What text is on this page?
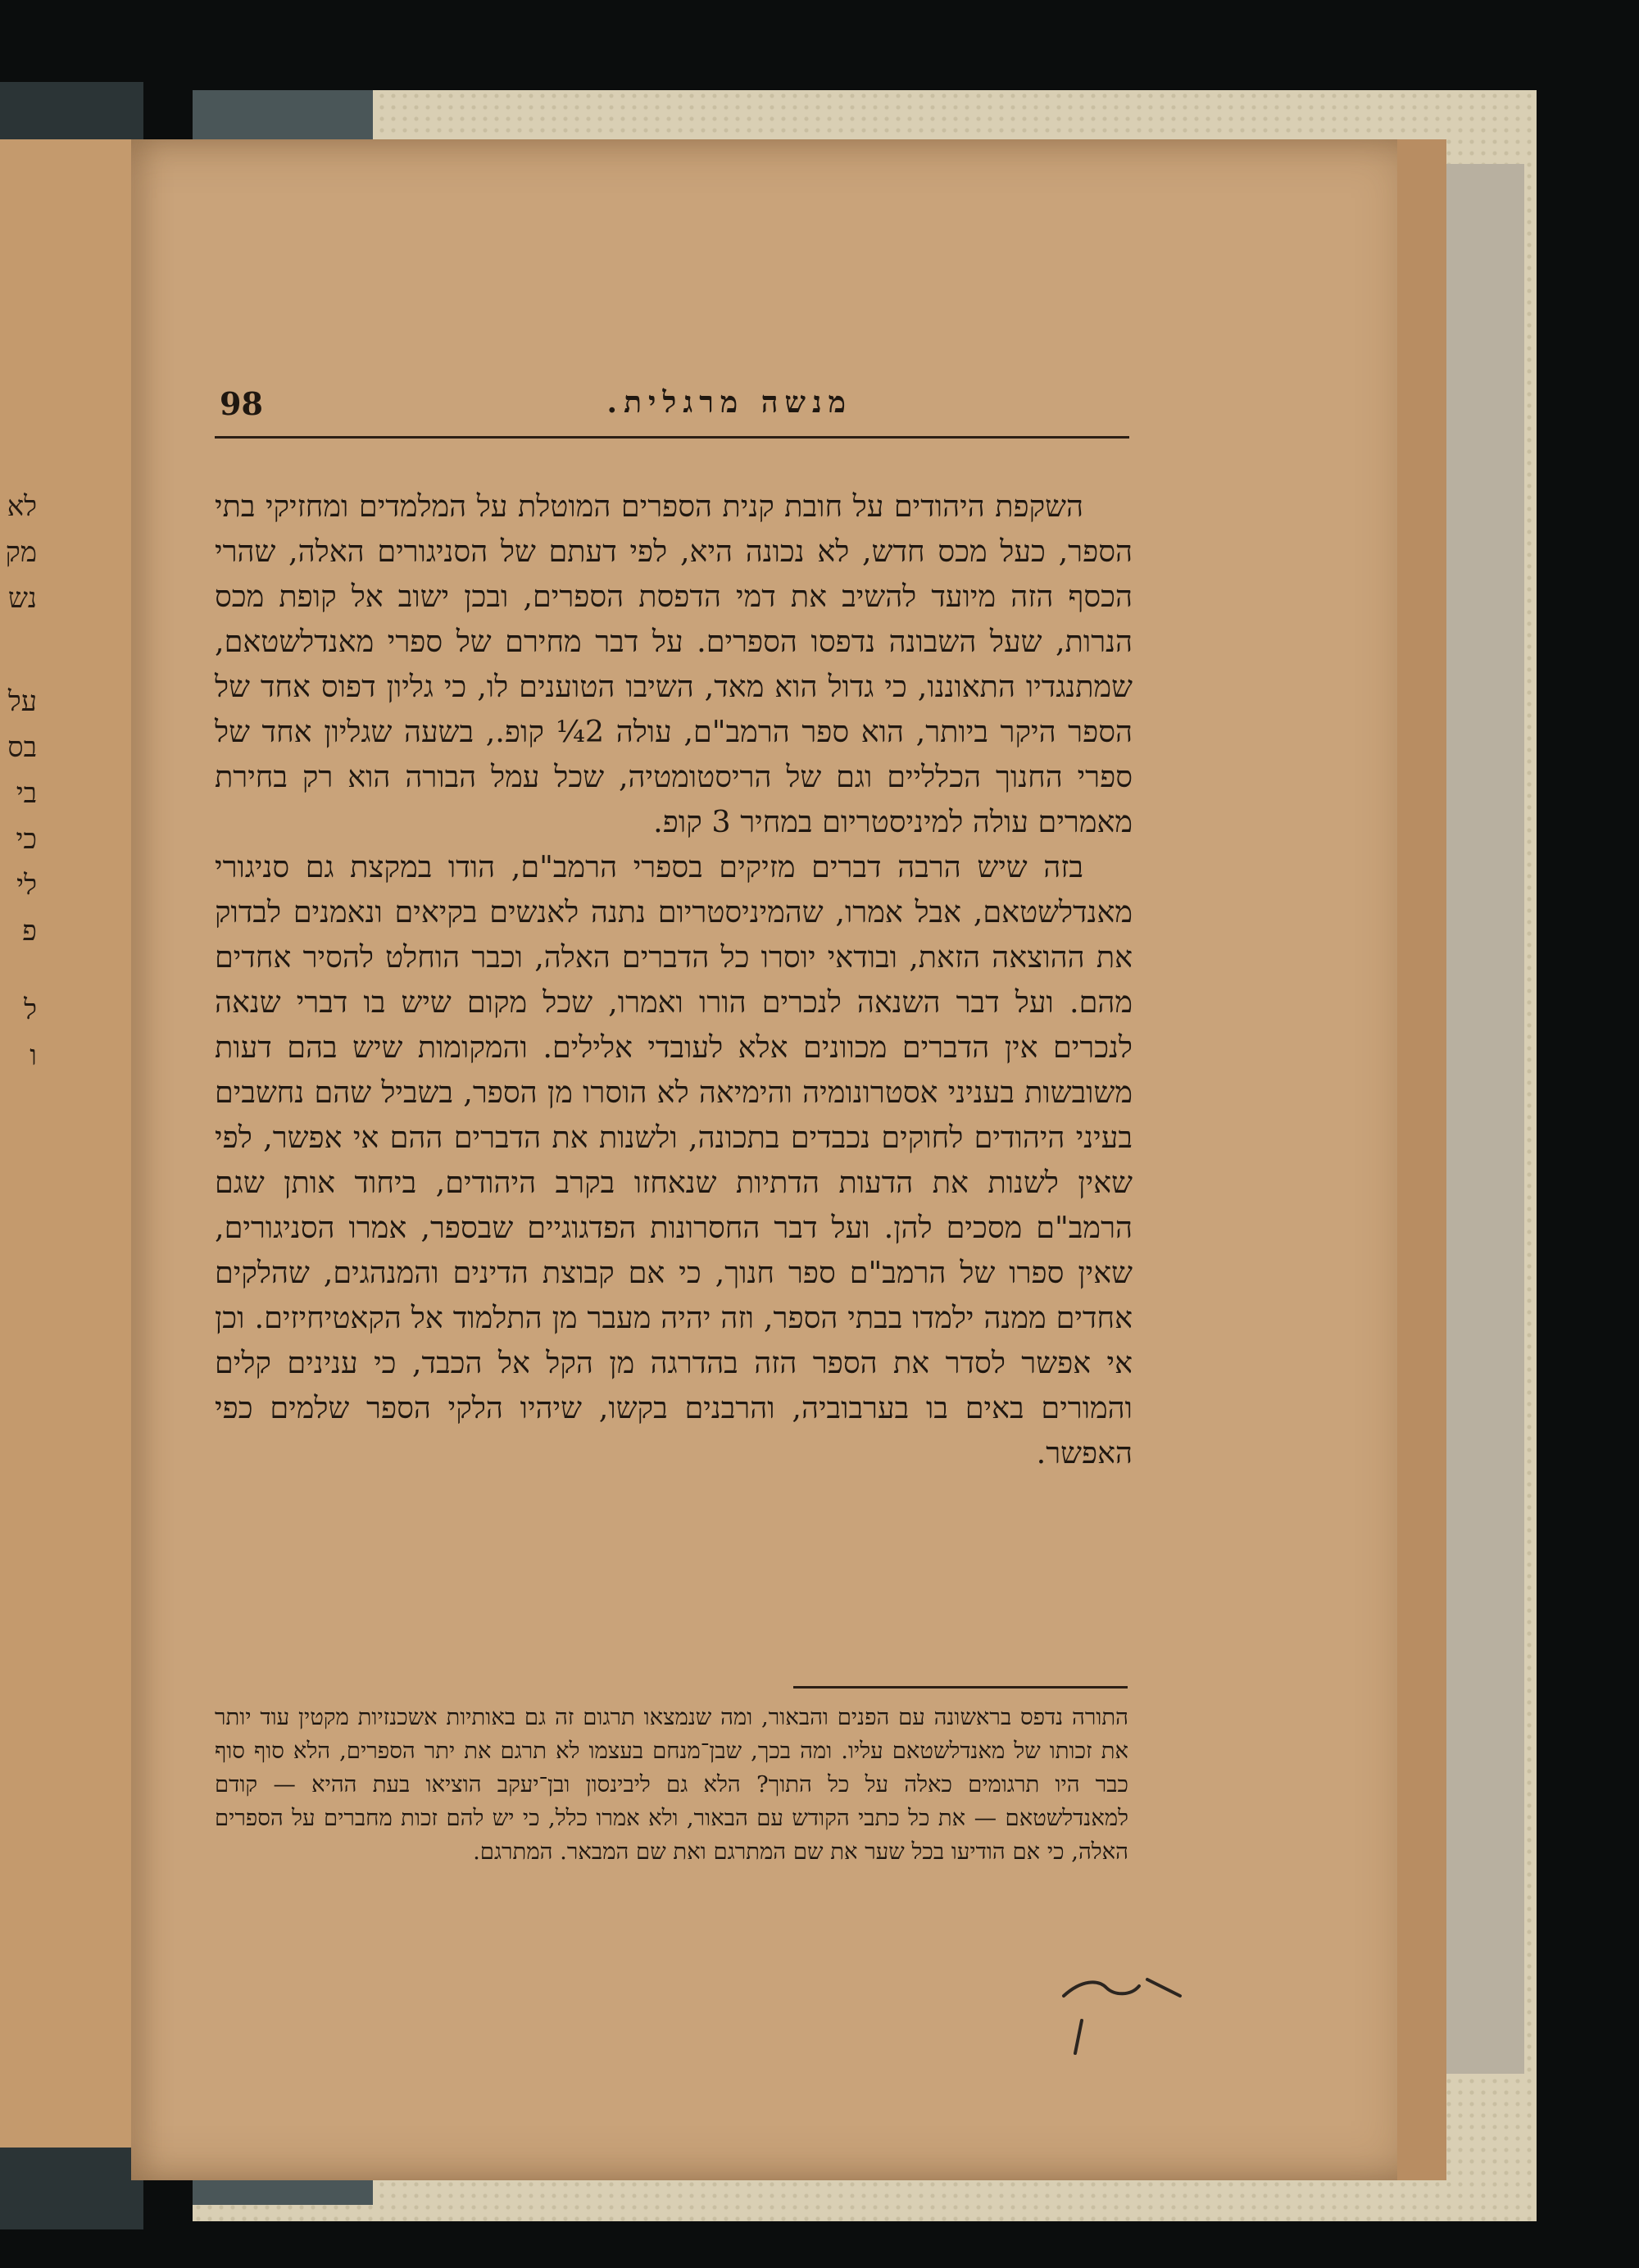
לא
מק
נש
על
בס
בי
כי
לי
פ
ל
ו
98	מנשה מרגלית.

השקפת היהודים על חובת קנית הספרים המוטלת על המלמדים ומחזיקי בתי הספר, כעל מכס חדש, לא נכונה היא, לפי דעתם של הסניגורים האלה, שהרי הכסף הזה מיועד להשיב את דמי הדפסת הספרים, ובכן ישוב אל קופת מכס הנרות, שעל השבונה נדפסו הספרים. על דבר מחירם של ספרי מאנדלשטאם, שמתנגדיו התאוננו, כי גדול הוא מאד, השיבו הטוענים לו, כי גליון דפוס אחד של הספר היקר ביותר, הוא ספר הרמב"ם, עולה 2¼ קופ., בשעה שגליון אחד של ספרי החנוך הכלליים וגם של הריסטומטיה, שכל עמל הבורה הוא רק בחירת מאמרים עולה למיניסטריום במחיר 3 קופ.

בזה שיש הרבה דברים מזיקים בספרי הרמב"ם, הודו במקצת גם סניגורי מאנדלשטאם, אבל אמרו, שהמיניסטריום נתנה לאנשים בקיאים ונאמנים לבדוק את ההוצאה הזאת, ובודאי יוסרו כל הדברים האלה, וכבר הוחלט להסיר אחדים מהם. ועל דבר השנאה לנכרים הורו ואמרו, שכל מקום שיש בו דברי שנאה לנכרים אין הדברים מכוונים אלא לעובדי אלילים. והמקומות שיש בהם דעות משובשות בעניני אסטרונומיה והימיאה לא הוסרו מן הספר, בשביל שהם נחשבים בעיני היהודים לחוקים נכבדים בתכונה, ולשנות את הדברים ההם אי אפשר, לפי שאין לשנות את הדעות הדתיות שנאחזו בקרב היהודים, ביחוד אותן שגם הרמב"ם מסכים להן. ועל דבר החסרונות הפדגוגיים שבספר, אמרו הסניגורים, שאין ספרו של הרמב"ם ספר חנוך, כי אם קבוצת הדינים והמנהגים, שהלקים אחדים ממנה ילמדו בבתי הספר, וזה יהיה מעבר מן התלמוד אל הקאטיחיזים. וכן אי אפשר לסדר את הספר הזה בהדרגה מן הקל אל הכבד, כי עניני‏ם קלים והמורים באים בו בערבוביה, והרבנים בקשו, שיהיו הלקי הספר שלמים כפי האפשר.

התורה נדפס בראשונה עם הפנים והבאור, ומה שנמצאו תרגום זה גם באותיות אשכנזיות מקטין עוד יותר את זכותו של מאנדלשטאם עליו. ומה בכך, שבן־מנחם בעצמו לא תרגם את יתר הספרים, הלא סוף סוף כבר היו תרגומים כאלה על כל התוך? הלא גם ליבינסון ובן־יעקב הוציאו בעת ההיא — קודם למאנדלשטאם — את כל כתבי הקודש עם הבאור, ולא אמרו כלל, כי יש להם זכות מחברים על הספרים האלה, כי אם הודיעו בכל שער את שם המתרגם ואת שם המבאר. המתרגם.
